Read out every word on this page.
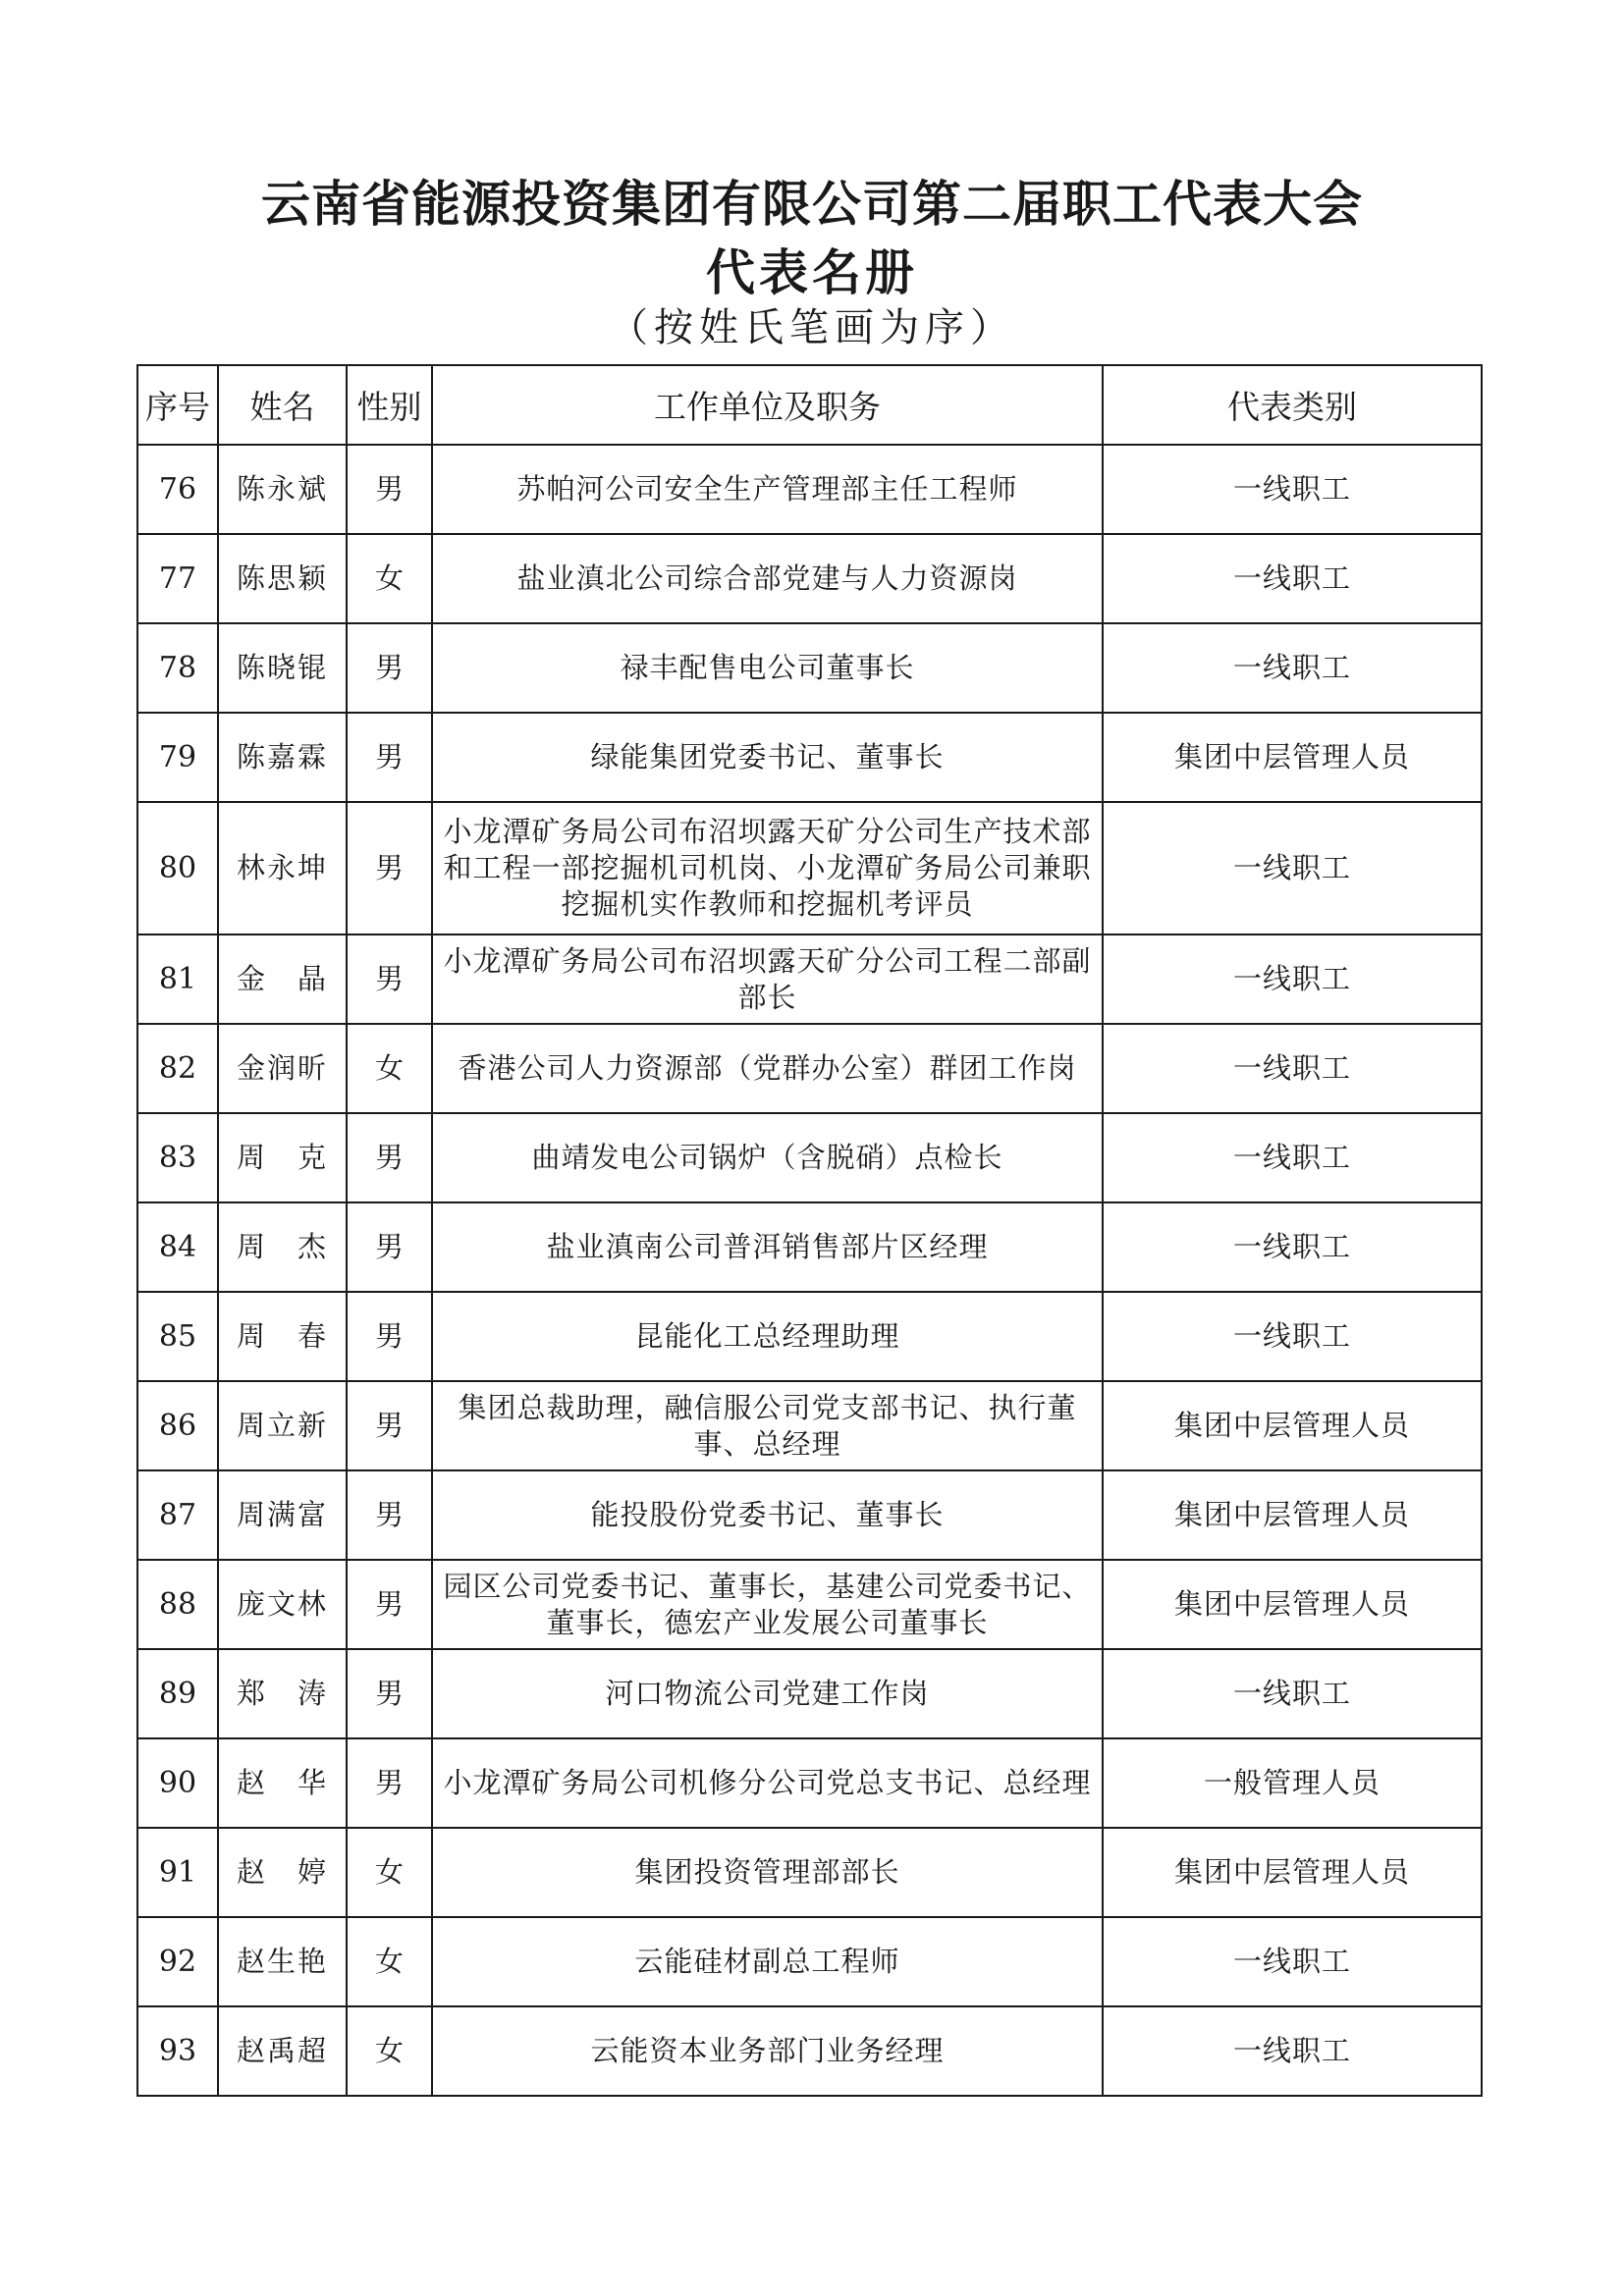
云南省能源投资集团有限公司第二届职工代表大会
代表名册
（按姓氏笔画为序）
序号	姓名	性别	工作单位及职务	代表类别
76	陈永斌	男	苏帕河公司安全生产管理部主任工程师	一线职工
77	陈思颖	女	盐业滇北公司综合部党建与人力资源岗	一线职工
78	陈晓锟	男	禄丰配售电公司董事长	一线职工
79	陈嘉霖	男	绿能集团党委书记、董事长	集团中层管理人员
80	林永坤	男	小龙潭矿务局公司布沼坝露天矿分公司生产技术部和工程一部挖掘机司机岗、小龙潭矿务局公司兼职挖掘机实作教师和挖掘机考评员	一线职工
81	金　晶	男	小龙潭矿务局公司布沼坝露天矿分公司工程二部副部长	一线职工
82	金润昕	女	香港公司人力资源部（党群办公室）群团工作岗	一线职工
83	周　克	男	曲靖发电公司锅炉（含脱硝）点检长	一线职工
84	周　杰	男	盐业滇南公司普洱销售部片区经理	一线职工
85	周　春	男	昆能化工总经理助理	一线职工
86	周立新	男	集团总裁助理，融信服公司党支部书记、执行董事、总经理	集团中层管理人员
87	周满富	男	能投股份党委书记、董事长	集团中层管理人员
88	庞文林	男	园区公司党委书记、董事长，基建公司党委书记、董事长，德宏产业发展公司董事长	集团中层管理人员
89	郑　涛	男	河口物流公司党建工作岗	一线职工
90	赵　华	男	小龙潭矿务局公司机修分公司党总支书记、总经理	一般管理人员
91	赵　婷	女	集团投资管理部部长	集团中层管理人员
92	赵生艳	女	云能硅材副总工程师	一线职工
93	赵禹超	女	云能资本业务部门业务经理	一线职工
